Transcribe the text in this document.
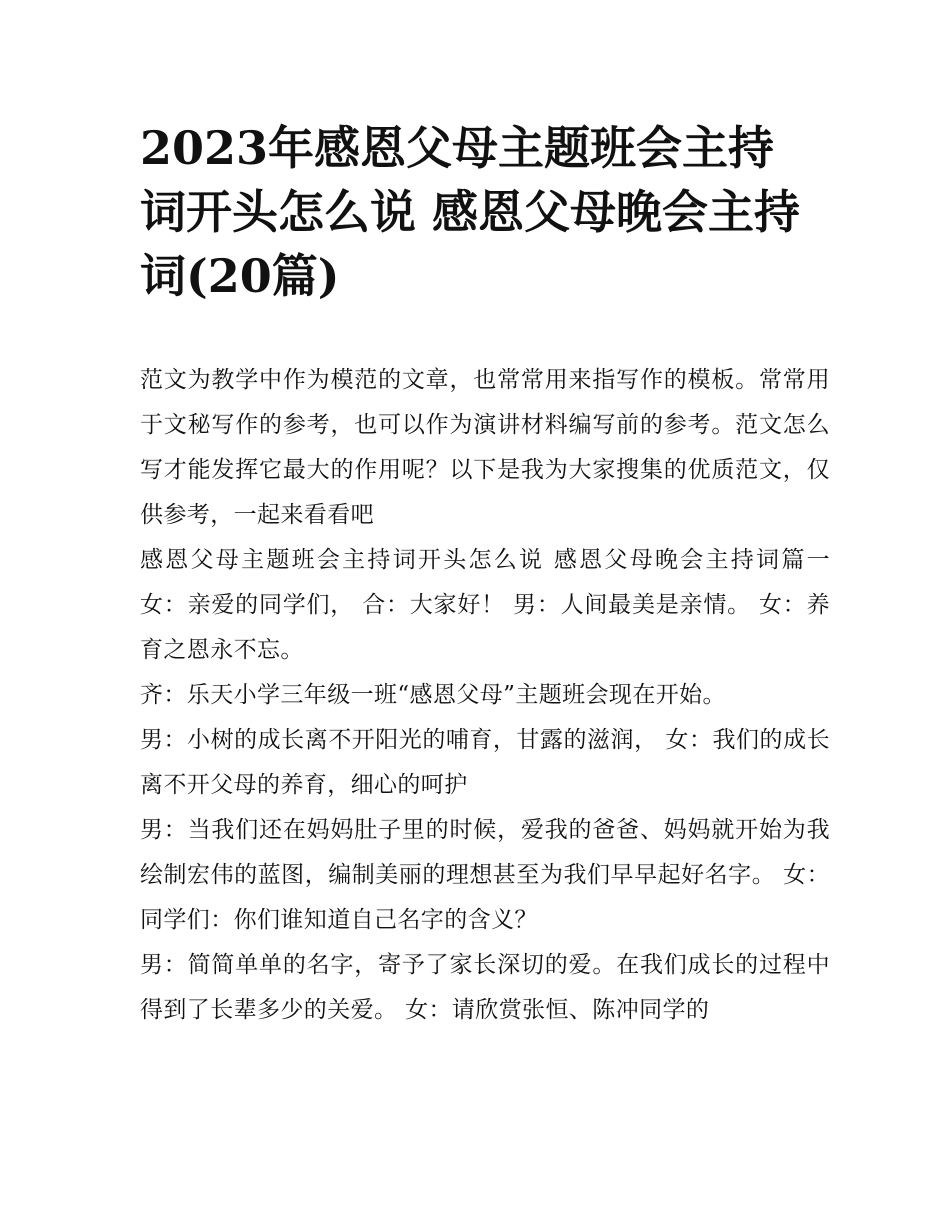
2023年感恩父母主题班会主持词开头怎么说 感恩父母晚会主持词(20篇)

范文为教学中作为模范的文章，也常常用来指写作的模板。常常用于文秘写作的参考，也可以作为演讲材料编写前的参考。范文怎么写才能发挥它最大的作用呢？以下是我为大家搜集的优质范文，仅供参考，一起来看看吧

感恩父母主题班会主持词开头怎么说 感恩父母晚会主持词篇一 女：亲爱的同学们， 合：大家好！ 男：人间最美是亲情。 女：养育之恩永不忘。

齐：乐天小学三年级一班“感恩父母”主题班会现在开始。

男：小树的成长离不开阳光的哺育，甘露的滋润， 女：我们的成长离不开父母的养育，细心的呵护

男：当我们还在妈妈肚子里的时候，爱我的爸爸、妈妈就开始为我绘制宏伟的蓝图，编制美丽的理想甚至为我们早早起好名字。 女：同学们：你们谁知道自己名字的含义？

男：简简单单的名字，寄予了家长深切的爱。在我们成长的过程中得到了长辈多少的关爱。 女：请欣赏张恒、陈冲同学的
